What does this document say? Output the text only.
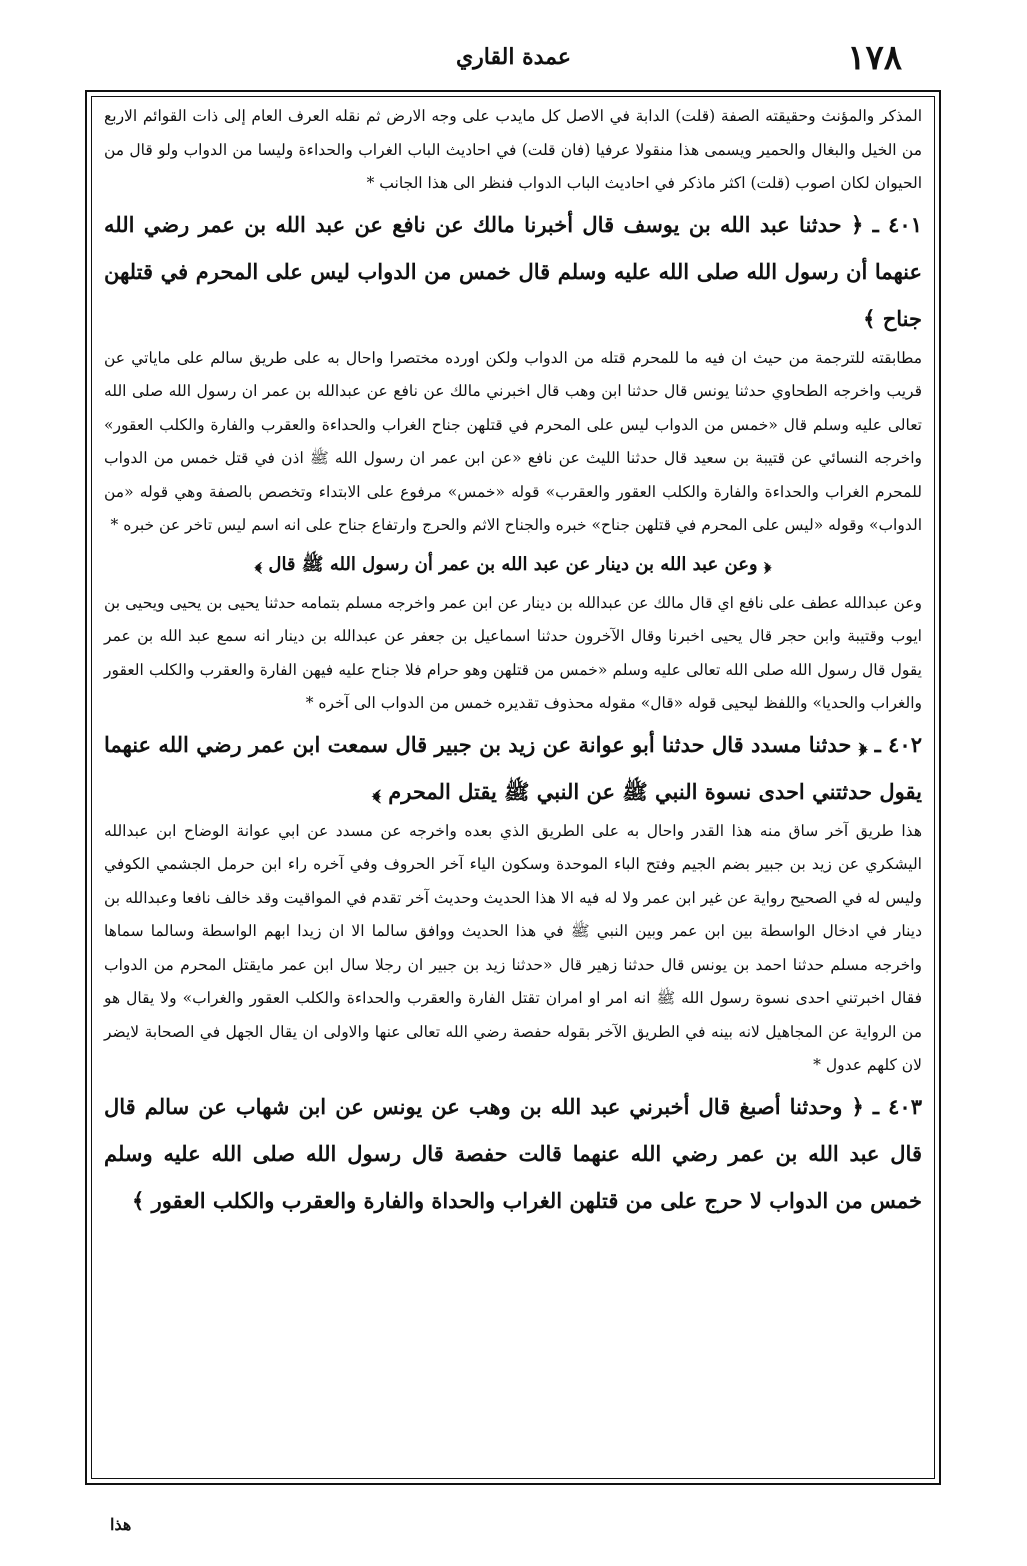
١٧٨
عمدة القاري

المذكر والمؤنث وحقيقته الصفة (قلت) الدابة في الاصل كل مايدب على وجه الارض ثم نقله العرف العام إلى ذات القوائم الاربع من الخيل والبغال والحمير ويسمى هذا منقولا عرفيا (فان قلت) في احاديث الباب الغراب والحداءة وليسا من الدواب ولو قال من الحيوان لكان اصوب (قلت) اكثر ماذكر في احاديث الباب الدواب فنظر الى هذا الجانب *

٤٠١ ـ ﴿ حدثنا عبد الله بن يوسف قال أخبرنا مالك عن نافع عن عبد الله بن عمر رضي الله عنهما أن رسول الله صلى الله عليه وسلم قال خمس من الدواب ليس على المحرم في قتلهن جناح ﴾

مطابقته للترجمة من حيث ان فيه ما للمحرم قتله من الدواب ولكن اورده مختصرا واحال به على طريق سالم على ماياتي عن قريب واخرجه الطحاوي حدثنا يونس قال حدثنا ابن وهب قال اخبرني مالك عن نافع عن عبدالله بن عمر ان رسول الله صلى الله تعالى عليه وسلم قال «خمس من الدواب ليس على المحرم في قتلهن جناح الغراب والحداءة والعقرب والفارة والكلب العقور» واخرجه النسائي عن قتيبة بن سعيد قال حدثنا الليث عن نافع «عن ابن عمر ان رسول الله ﷺ اذن في قتل خمس من الدواب للمحرم الغراب والحداءة والفارة والكلب العقور والعقرب» قوله «خمس» مرفوع على الابتداء وتخصص بالصفة وهي قوله «من الدواب» وقوله «ليس على المحرم في قتلهن جناح» خبره والجناح الاثم والحرج وارتفاع جناح على انه اسم ليس تاخر عن خبره *

﴿ وعن عبد الله بن دينار عن عبد الله بن عمر أن رسول الله ﷺ قال ﴾

وعن عبدالله عطف على نافع اي قال مالك عن عبدالله بن دينار عن ابن عمر واخرجه مسلم بتمامه حدثنا يحيى بن يحيى ويحيى بن ايوب وقتيبة وابن حجر قال يحيى اخبرنا وقال الآخرون حدثنا اسماعيل بن جعفر عن عبدالله بن دينار انه سمع عبد الله بن عمر يقول قال رسول الله صلى الله تعالى عليه وسلم «خمس من قتلهن وهو حرام فلا جناح عليه فيهن الفارة والعقرب والكلب العقور والغراب والحديا» واللفظ ليحيى قوله «قال» مقوله محذوف تقديره خمس من الدواب الى آخره *

٤٠٢ ـ ﴿ حدثنا مسدد قال حدثنا أبو عوانة عن زيد بن جبير قال سمعت ابن عمر رضي الله عنهما يقول حدثتني احدى نسوة النبي ﷺ عن النبي ﷺ يقتل المحرم ﴾

هذا طريق آخر ساق منه هذا القدر واحال به على الطريق الذي بعده واخرجه عن مسدد عن ابي عوانة الوضاح ابن عبدالله اليشكري عن زيد بن جبير بضم الجيم وفتح الباء الموحدة وسكون الياء آخر الحروف وفي آخره راء ابن حرمل الجشمي الكوفي وليس له في الصحيح رواية عن غير ابن عمر ولا له فيه الا هذا الحديث وحديث آخر تقدم في المواقيت وقد خالف نافعا وعبدالله بن دينار في ادخال الواسطة بين ابن عمر وبين النبي ﷺ في هذا الحديث ووافق سالما الا ان زيدا ابهم الواسطة وسالما سماها واخرجه مسلم حدثنا احمد بن يونس قال حدثنا زهير قال «حدثنا زيد بن جبير ان رجلا سال ابن عمر مايقتل المحرم من الدواب فقال اخبرتني احدى نسوة رسول الله ﷺ انه امر او امران تقتل الفارة والعقرب والحداءة والكلب العقور والغراب» ولا يقال هو من الرواية عن المجاهيل لانه بينه في الطريق الآخر بقوله حفصة رضي الله تعالى عنها والاولى ان يقال الجهل في الصحابة لايضر لان كلهم عدول *

٤٠٣ ـ ﴿ وحدثنا أصبغ قال أخبرني عبد الله بن وهب عن يونس عن ابن شهاب عن سالم قال قال عبد الله بن عمر رضي الله عنهما قالت حفصة قال رسول الله صلى الله عليه وسلم خمس من الدواب لا حرج على من قتلهن الغراب والحداة والفارة والعقرب والكلب العقور ﴾

هذا
